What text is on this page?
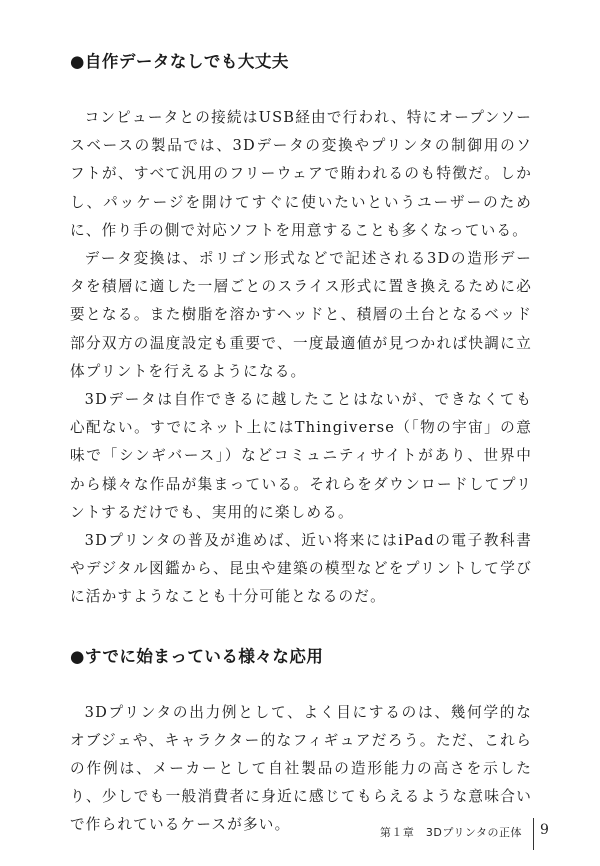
●自作データなしでも大丈夫

コンピュータとの接続はUSB経由で行われ、特にオープンソースベースの製品では、3Dデータの変換やプリンタの制御用のソフトが、すべて汎用のフリーウェアで賄われるのも特徴だ。しかし、パッケージを開けてすぐに使いたいというユーザーのために、作り手の側で対応ソフトを用意することも多くなっている。

データ変換は、ポリゴン形式などで記述される3Dの造形データを積層に適した一層ごとのスライス形式に置き換えるために必要となる。また樹脂を溶かすヘッドと、積層の土台となるベッド部分双方の温度設定も重要で、一度最適値が見つかれば快調に立体プリントを行えるようになる。

3Dデータは自作できるに越したことはないが、できなくても心配ない。すでにネット上にはThingiverse（「物の宇宙」の意味で「シンギバース」）などコミュニティサイトがあり、世界中から様々な作品が集まっている。それらをダウンロードしてプリントするだけでも、実用的に楽しめる。

3Dプリンタの普及が進めば、近い将来にはiPadの電子教科書やデジタル図鑑から、昆虫や建築の模型などをプリントして学びに活かすようなことも十分可能となるのだ。

●すでに始まっている様々な応用

3Dプリンタの出力例として、よく目にするのは、幾何学的なオブジェや、キャラクター的なフィギュアだろう。ただ、これらの作例は、メーカーとして自社製品の造形能力の高さを示したり、少しでも一般消費者に身近に感じてもらえるような意味合いで作られているケースが多い。	第１章　3Dプリンタの正体 9
